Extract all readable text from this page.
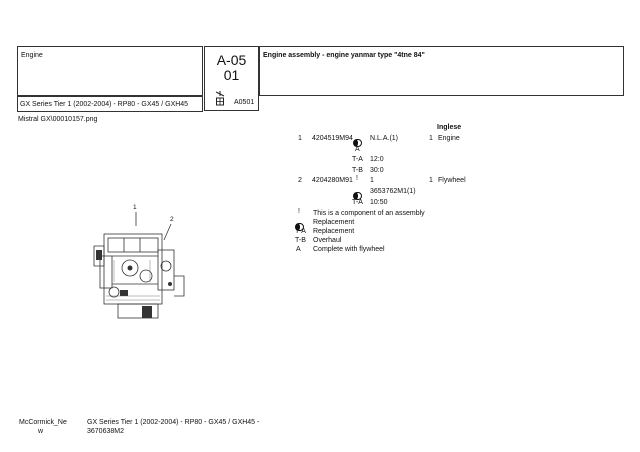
Engine
GX Series Tier 1 (2002-2004) - RP80 - GX45 / GXH45
A-05
01
A0501
Engine assembly - engine yanmar type "4tne 84"
Mistral GX\00010157.png
1
2
Inglese
1 4204519M94 N.L.A.(1)	1 Engine
A
T-A 12:0
T-B 30:0
2 4204280M91 ! 1	1 Flywheel
3653762M1(1)
T-A 10:50
! This is a component of an assembly
Replacement
T-A Replacement
T-B Overhaul
A Complete with flywheel
McCormick_Ne
w
GX Series Tier 1 (2002-2004) - RP80 - GX45 / GXH45 -
3670638M2
